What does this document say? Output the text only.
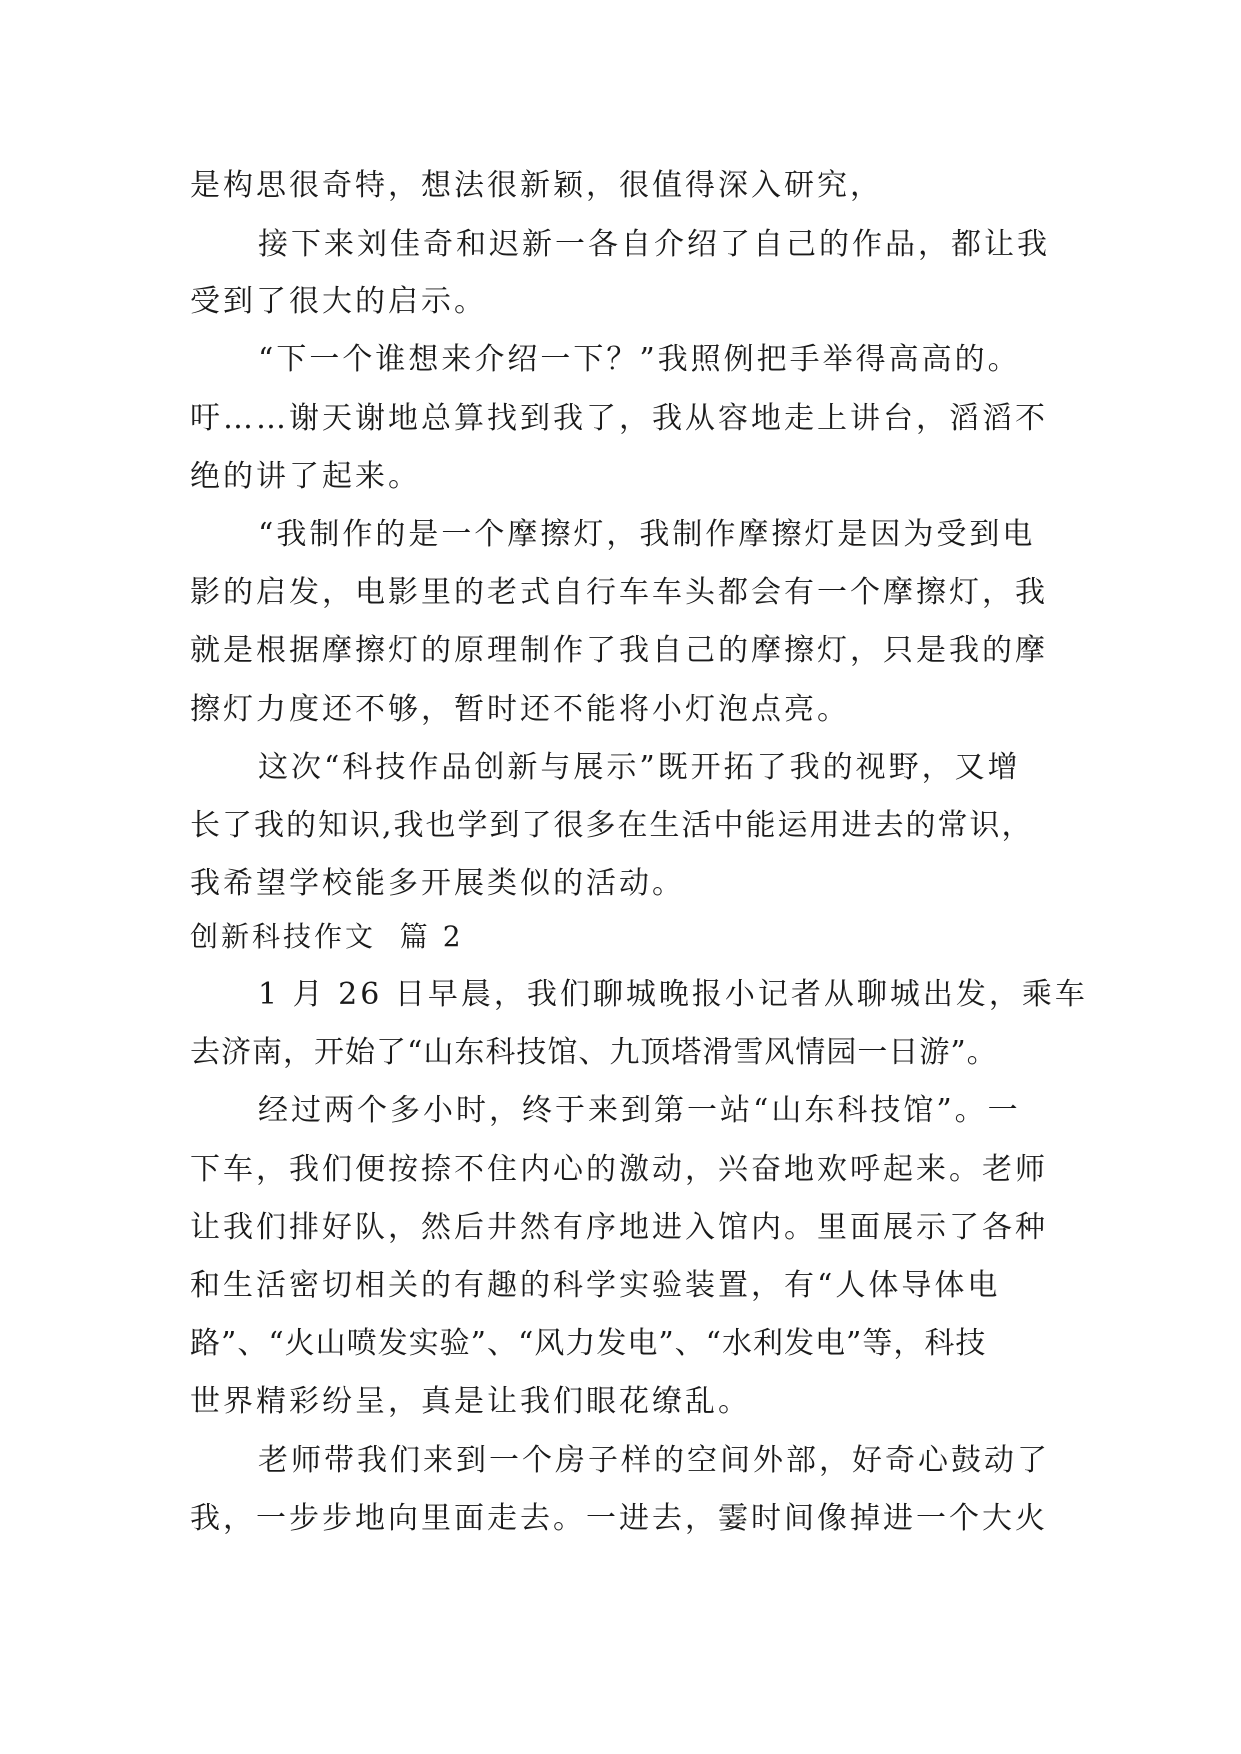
是构思很奇特，想法很新颖，很值得深入研究，
接下来刘佳奇和迟新一各自介绍了自己的作品，都让我
受到了很大的启示。
“下一个谁想来介绍一下？”我照例把手举得高高的。
吁……谢天谢地总算找到我了，我从容地走上讲台，滔滔不
绝的讲了起来。
“我制作的是一个摩擦灯，我制作摩擦灯是因为受到电
影的启发，电影里的老式自行车车头都会有一个摩擦灯，我
就是根据摩擦灯的原理制作了我自己的摩擦灯，只是我的摩
擦灯力度还不够，暂时还不能将小灯泡点亮。
这次“科技作品创新与展示”既开拓了我的视野，又增
长了我的知识,我也学到了很多在生活中能运用进去的常识，
我希望学校能多开展类似的活动。
创新科技作文  篇 2
1 月 26 日早晨，我们聊城晚报小记者从聊城出发，乘车
去济南，开始了“山东科技馆、九顶塔滑雪风情园一日游”。
经过两个多小时，终于来到第一站“山东科技馆”。一
下车，我们便按捺不住内心的激动，兴奋地欢呼起来。老师
让我们排好队，然后井然有序地进入馆内。里面展示了各种
和生活密切相关的有趣的科学实验装置，有“人体导体电
路”、“火山喷发实验”、“风力发电”、“水利发电”等，科技
世界精彩纷呈，真是让我们眼花缭乱。
老师带我们来到一个房子样的空间外部，好奇心鼓动了
我，一步步地向里面走去。一进去，霎时间像掉进一个大火
